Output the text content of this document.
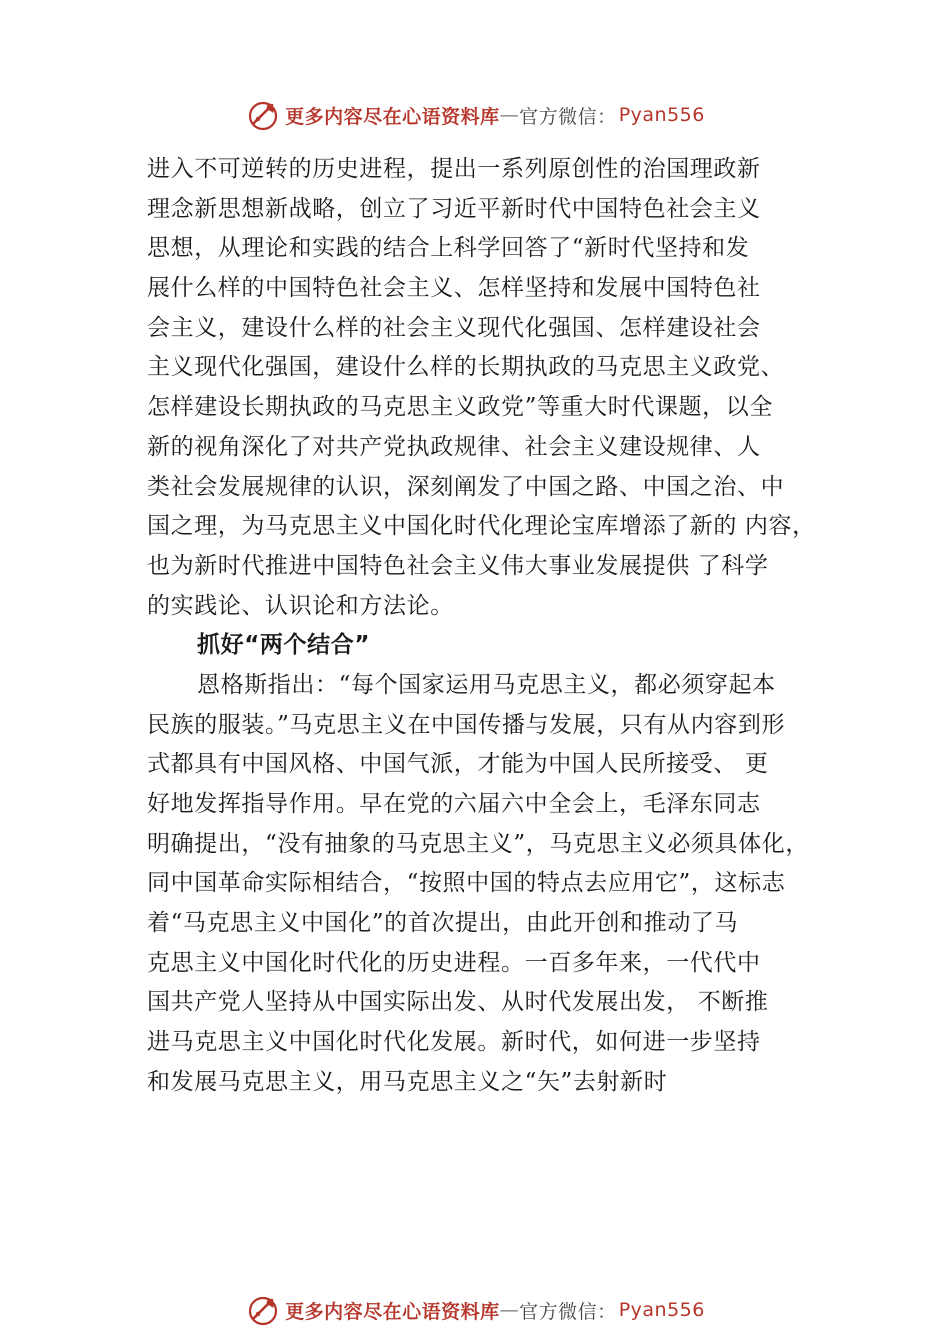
更多内容尽在心语资料库 — 官方微信： Pyan556
进入不可逆转的历史进程，提出一系列原创性的治国理政新
理念新思想新战略，创立了习近平新时代中国特色社会主义
思想，从理论和实践的结合上科学回答了“新时代坚持和发
展什么样的中国特色社会主义、怎样坚持和发展中国特色社
会主义，建设什么样的社会主义现代化强国、怎样建设社会
主义现代化强国，建设什么样的长期执政的马克思主义政党、
怎样建设长期执政的马克思主义政党”等重大时代课题，以全
新的视角深化了对共产党执政规律、社会主义建设规律、人
类社会发展规律的认识，深刻阐发了中国之路、中国之治、中
国之理，为马克思主义中国化时代化理论宝库增添了新的 内容，
也为新时代推进中国特色社会主义伟大事业发展提供 了科学
的实践论、认识论和方法论。
抓好“两个结合”
恩格斯指出：“每个国家运用马克思主义，都必须穿起本
民族的服装。”马克思主义在中国传播与发展，只有从内容到形
式都具有中国风格、中国气派，才能为中国人民所接受、 更
好地发挥指导作用。早在党的六届六中全会上，毛泽东同志
明确提出，“没有抽象的马克思主义”，马克思主义必须具体化，
同中国革命实际相结合，“按照中国的特点去应用它”，这标志
着“马克思主义中国化”的首次提出，由此开创和推动了马
克思主义中国化时代化的历史进程。一百多年来，一代代中
国共产党人坚持从中国实际出发、从时代发展出发， 不断推
进马克思主义中国化时代化发展。新时代，如何进一步坚持
和发展马克思主义，用马克思主义之“矢”去射新时
更多内容尽在心语资料库 — 官方微信： Pyan556
